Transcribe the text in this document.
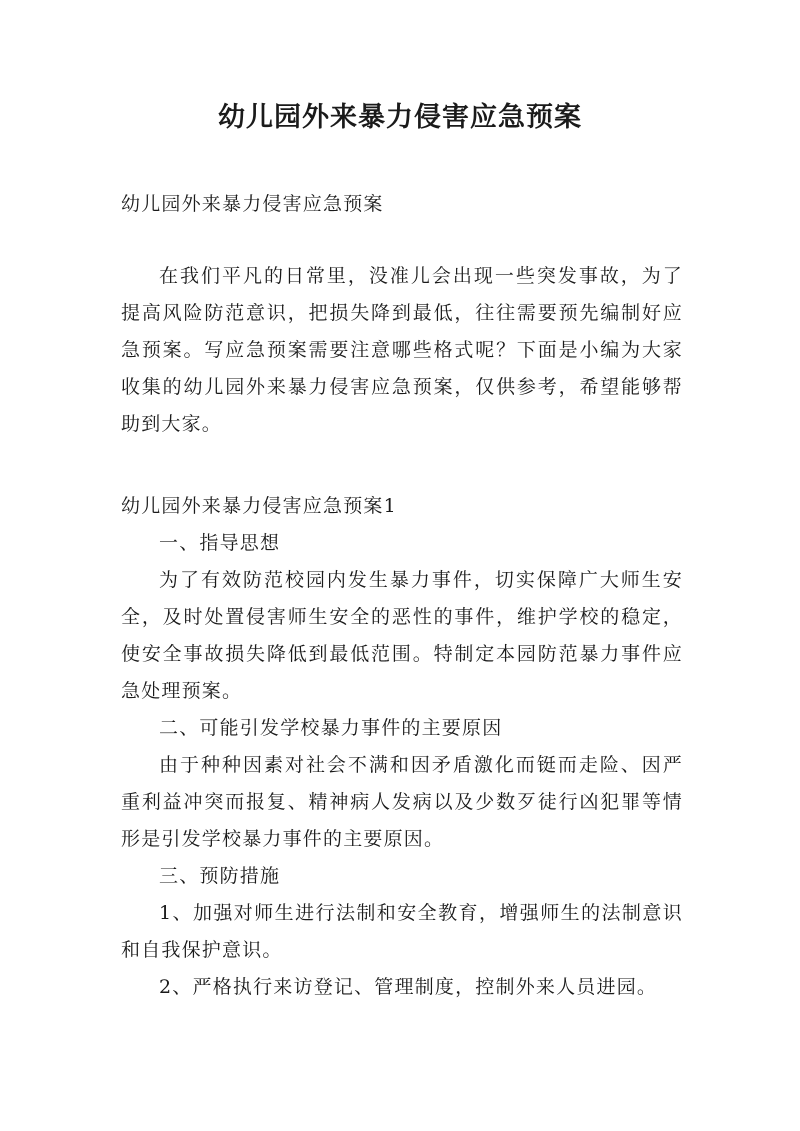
幼儿园外来暴力侵害应急预案
幼儿园外来暴力侵害应急预案
在我们平凡的日常里，没准儿会出现一些突发事故，为了提高风险防范意识，把损失降到最低，往往需要预先编制好应急预案。写应急预案需要注意哪些格式呢？下面是小编为大家收集的幼儿园外来暴力侵害应急预案，仅供参考，希望能够帮助到大家。
幼儿园外来暴力侵害应急预案1
一、指导思想
为了有效防范校园内发生暴力事件，切实保障广大师生安全，及时处置侵害师生安全的恶性的事件，维护学校的稳定，使安全事故损失降低到最低范围。特制定本园防范暴力事件应急处理预案。
二、可能引发学校暴力事件的主要原因
由于种种因素对社会不满和因矛盾激化而铤而走险、因严重利益冲突而报复、精神病人发病以及少数歹徒行凶犯罪等情形是引发学校暴力事件的主要原因。
三、预防措施
1、加强对师生进行法制和安全教育，增强师生的法制意识和自我保护意识。
2、严格执行来访登记、管理制度，控制外来人员进园。
